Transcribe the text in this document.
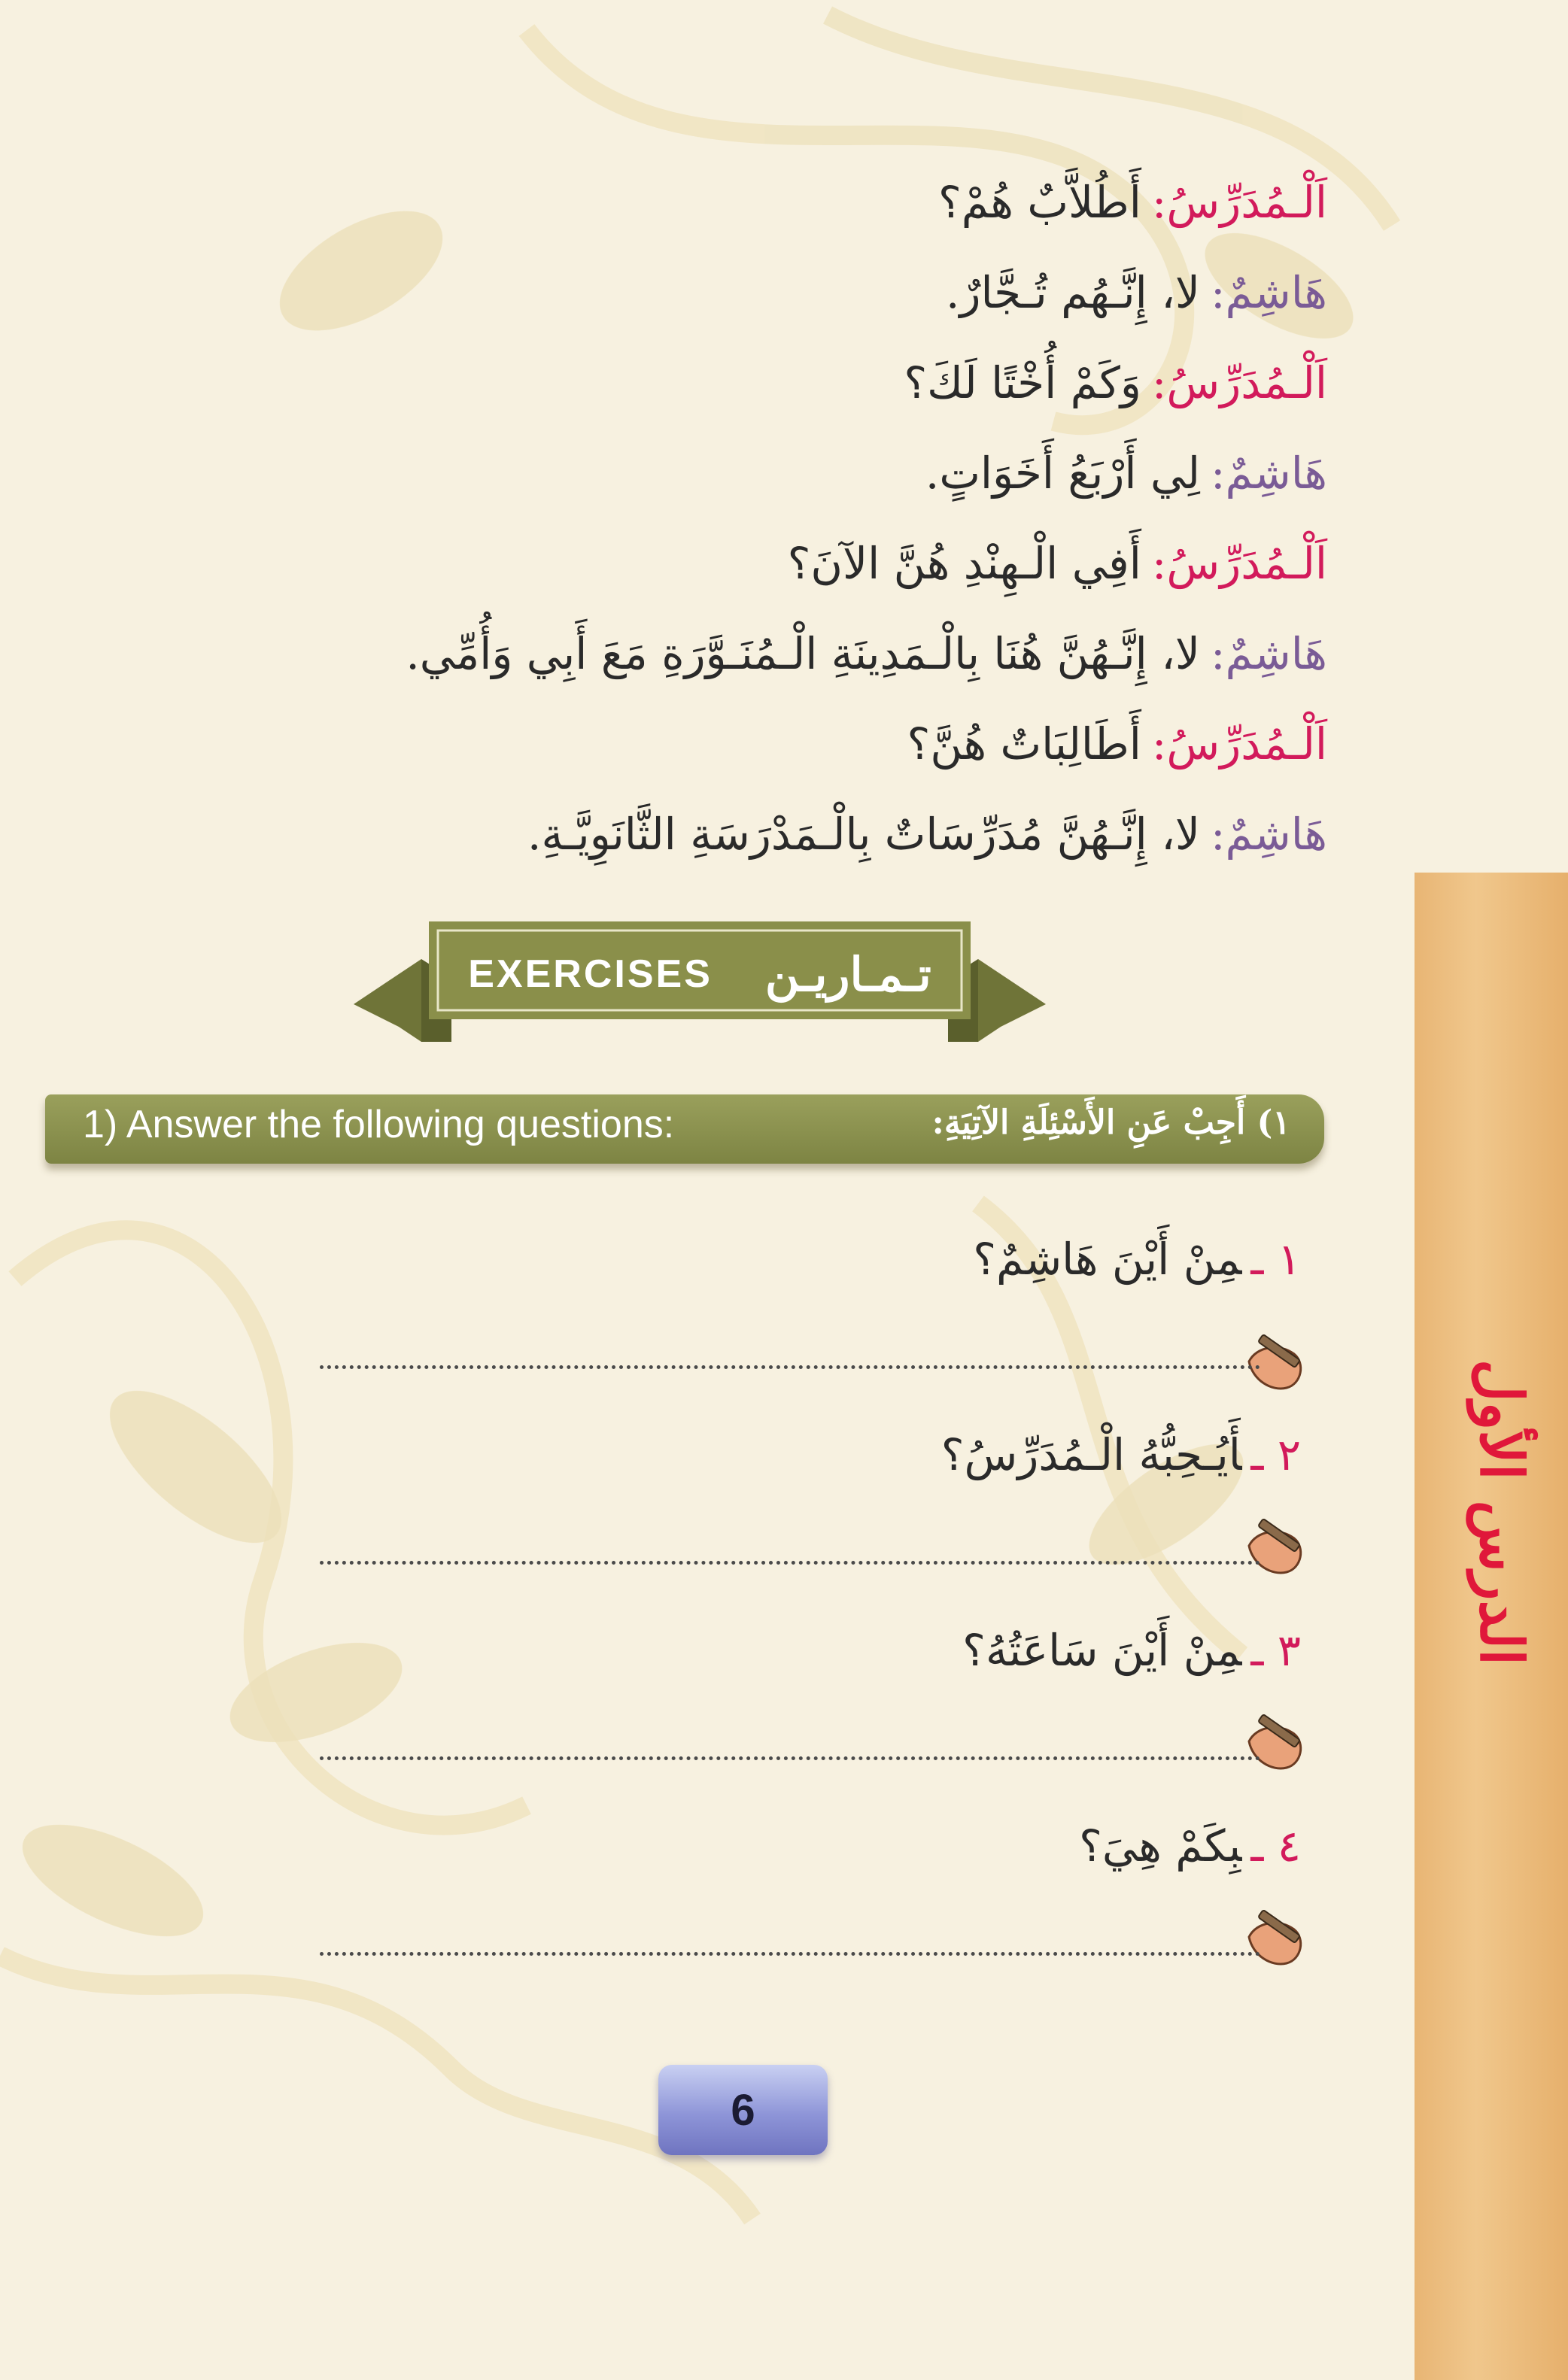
اَلْـمُدَرِّسُ:أَطُلاَّبٌ هُمْ؟
هَاشِمٌ:لا، إِنَّـهُم تُـجَّارٌ.
اَلْـمُدَرِّسُ:وَكَمْ أُخْتًا لَكَ؟
هَاشِمٌ:لِي أَرْبَعُ أَخَوَاتٍ.
اَلْـمُدَرِّسُ:أَفِي الْـهِنْدِ هُنَّ الآنَ؟
هَاشِمٌ:لا، إِنَّـهُنَّ هُنَا بِالْـمَدِينَةِ الْـمُنَـوَّرَةِ مَعَ أَبِي وَأُمِّي.
اَلْـمُدَرِّسُ:أَطَالِبَاتٌ هُنَّ؟
هَاشِمٌ:لا، إِنَّـهُنَّ مُدَرِّسَاتٌ بِالْـمَدْرَسَةِ الثَّانَوِيَّـةِ.
الدرس الأول
EXERCISES تـمـاريـن
1) Answer the following questions:	١) أَجِبْ عَنِ الأَسْئِلَةِ الآتِيَةِ:
١ ـمِنْ أَيْنَ هَاشِمٌ؟
٢ ـأَيُـحِبُّهُ الْـمُدَرِّسُ؟
٣ ـمِنْ أَيْنَ سَاعَتُهُ؟
٤ ـبِكَمْ هِيَ؟
6
